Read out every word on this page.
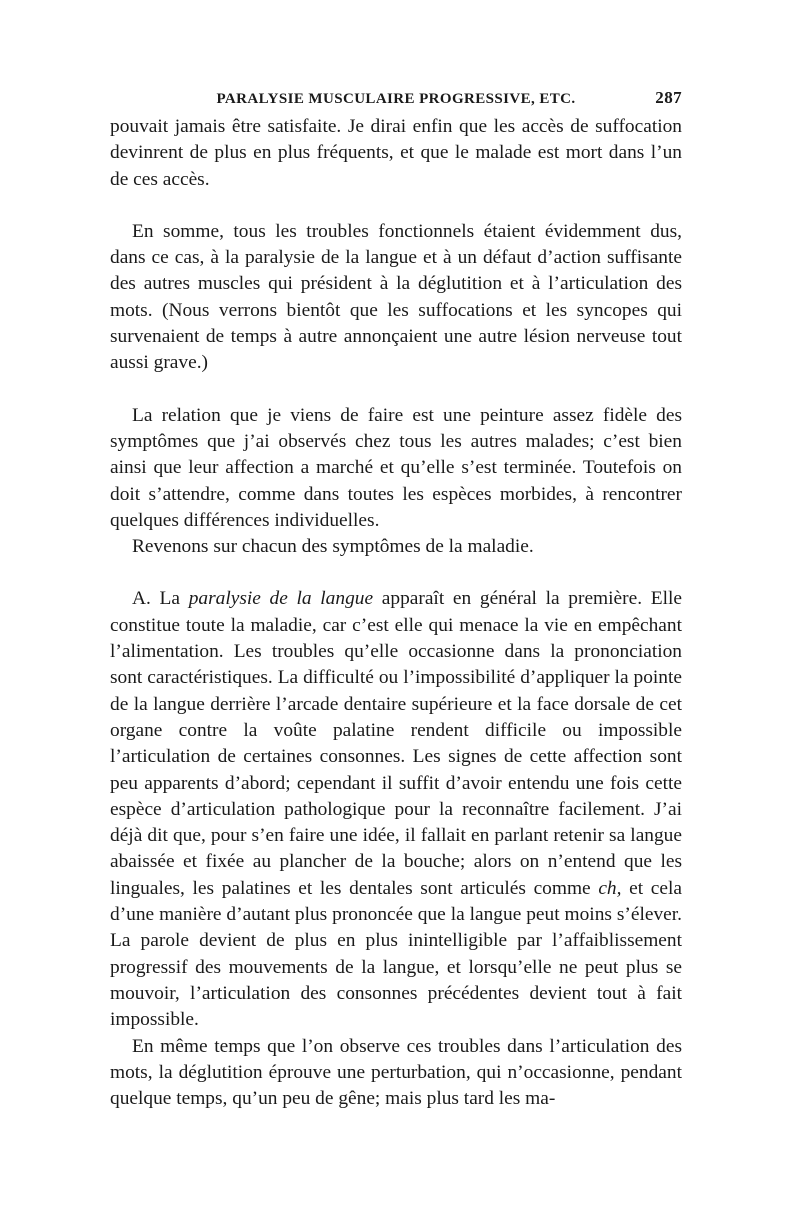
PARALYSIE MUSCULAIRE PROGRESSIVE, ETC.	287

pouvait jamais être satisfaite. Je dirai enfin que les accès de suffocation devinrent de plus en plus fréquents, et que le malade est mort dans l’un de ces accès.

En somme, tous les troubles fonctionnels étaient évidemment dus, dans ce cas, à la paralysie de la langue et à un défaut d’action suffisante des autres muscles qui président à la déglutition et à l’articulation des mots. (Nous verrons bientôt que les suffocations et les syncopes qui survenaient de temps à autre annonçaient une autre lésion nerveuse tout aussi grave.)

La relation que je viens de faire est une peinture assez fidèle des symptômes que j’ai observés chez tous les autres malades; c’est bien ainsi que leur affection a marché et qu’elle s’est terminée. Toutefois on doit s’attendre, comme dans toutes les espèces morbides, à rencontrer quelques différences individuelles.

Revenons sur chacun des symptômes de la maladie.

A. La paralysie de la langue apparaît en général la première. Elle constitue toute la maladie, car c’est elle qui menace la vie en empêchant l’alimentation. Les troubles qu’elle occasionne dans la prononciation sont caractéristiques. La difficulté ou l’impossibilité d’appliquer la pointe de la langue derrière l’arcade dentaire supérieure et la face dorsale de cet organe contre la voûte palatine rendent difficile ou impossible l’articulation de certaines consonnes. Les signes de cette affection sont peu apparents d’abord; cependant il suffit d’avoir entendu une fois cette espèce d’articulation pathologique pour la reconnaître facilement. J’ai déjà dit que, pour s’en faire une idée, il fallait en parlant retenir sa langue abaissée et fixée au plancher de la bouche; alors on n’entend que les linguales, les palatines et les dentales sont articulés comme ch, et cela d’une manière d’autant plus prononcée que la langue peut moins s’élever. La parole devient de plus en plus inintelligible par l’affaiblissement progressif des mouvements de la langue, et lorsqu’elle ne peut plus se mouvoir, l’articulation des consonnes précédentes devient tout à fait impossible.

En même temps que l’on observe ces troubles dans l’articulation des mots, la déglutition éprouve une perturbation, qui n’occasionne, pendant quelque temps, qu’un peu de gêne; mais plus tard les ma-
